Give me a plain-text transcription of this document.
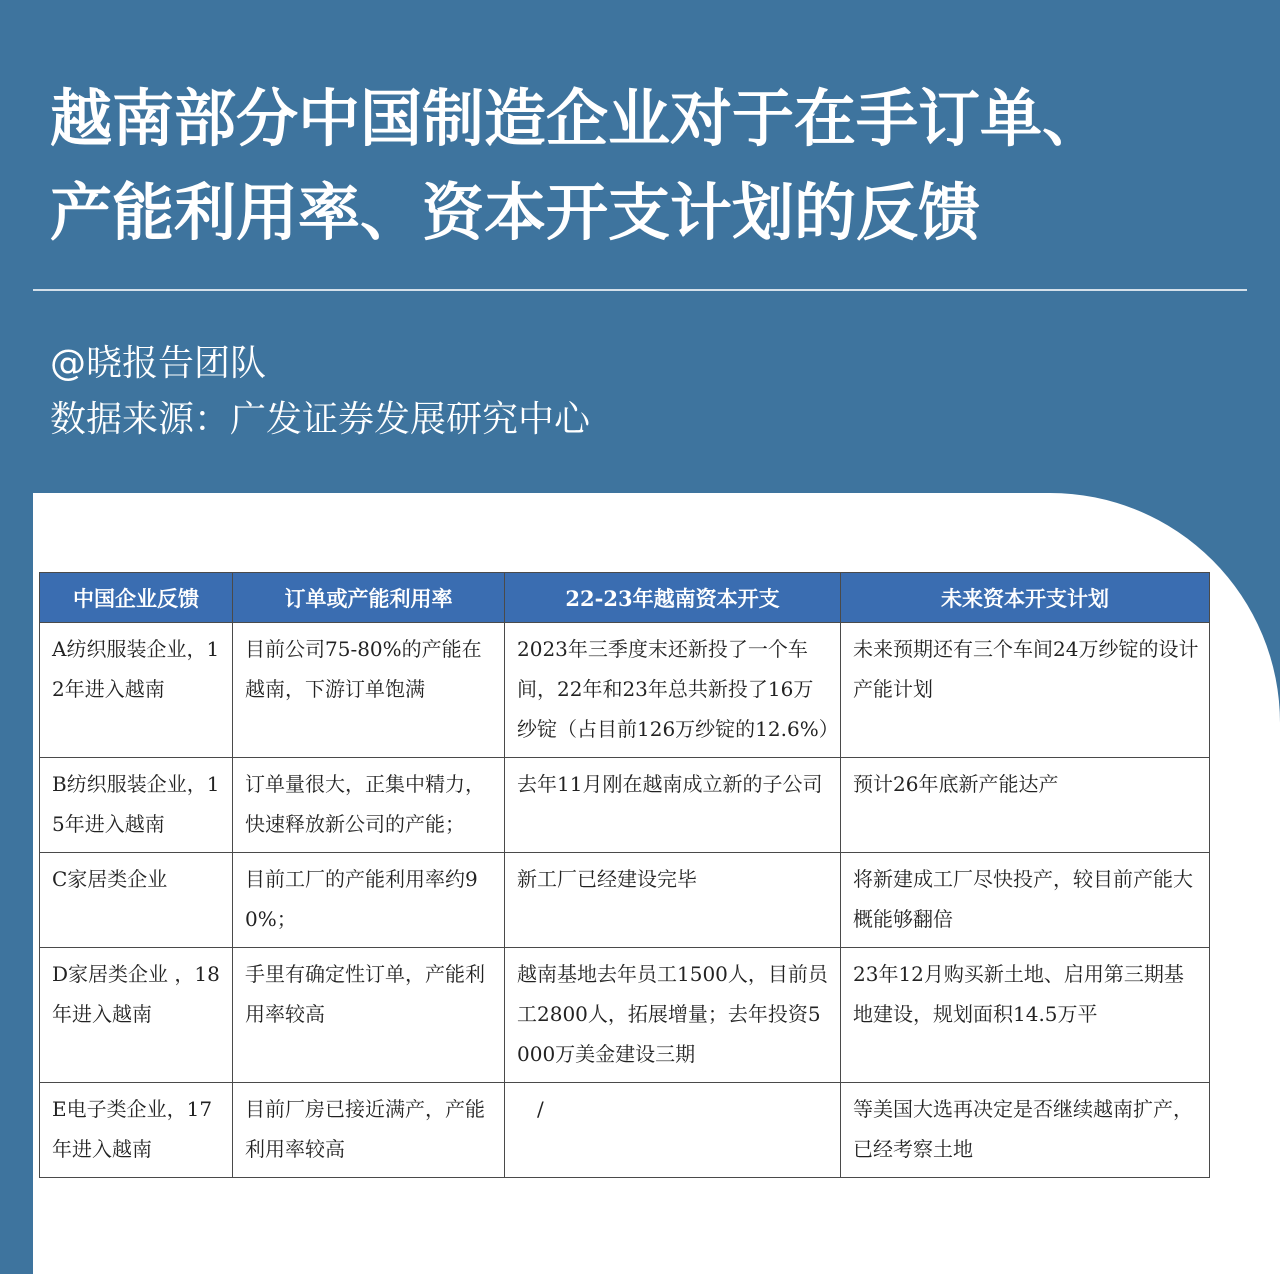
越南部分中国制造企业对于在手订单、
产能利用率、资本开支计划的反馈
@晓报告团队
数据来源：广发证券发展研究中心
中国企业反馈	订单或产能利用率	22-23年越南资本开支	未来资本开支计划
A纺织服装企业，12年进入越南	目前公司75-80%的产能在越南，下游订单饱满	2023年三季度末还新投了一个车间，22年和23年总共新投了16万纱锭（占目前126万纱锭的12.6%）	未来预期还有三个车间24万纱锭的设计产能计划
B纺织服装企业，15年进入越南	订单量很大，正集中精力，快速释放新公司的产能；	去年11月刚在越南成立新的子公司	预计26年底新产能达产
C家居类企业	目前工厂的产能利用率约90%；	新工厂已经建设完毕	将新建成工厂尽快投产，较目前产能大概能够翻倍
D家居类企业 ，18年进入越南	手里有确定性订单，产能利用率较高	越南基地去年员工1500人，目前员工2800人，拓展增量；去年投资5000万美金建设三期	23年12月购买新土地、启用第三期基地建设，规划面积14.5万平
E电子类企业，17年进入越南	目前厂房已接近满产，产能利用率较高	/	等美国大选再决定是否继续越南扩产，已经考察土地
